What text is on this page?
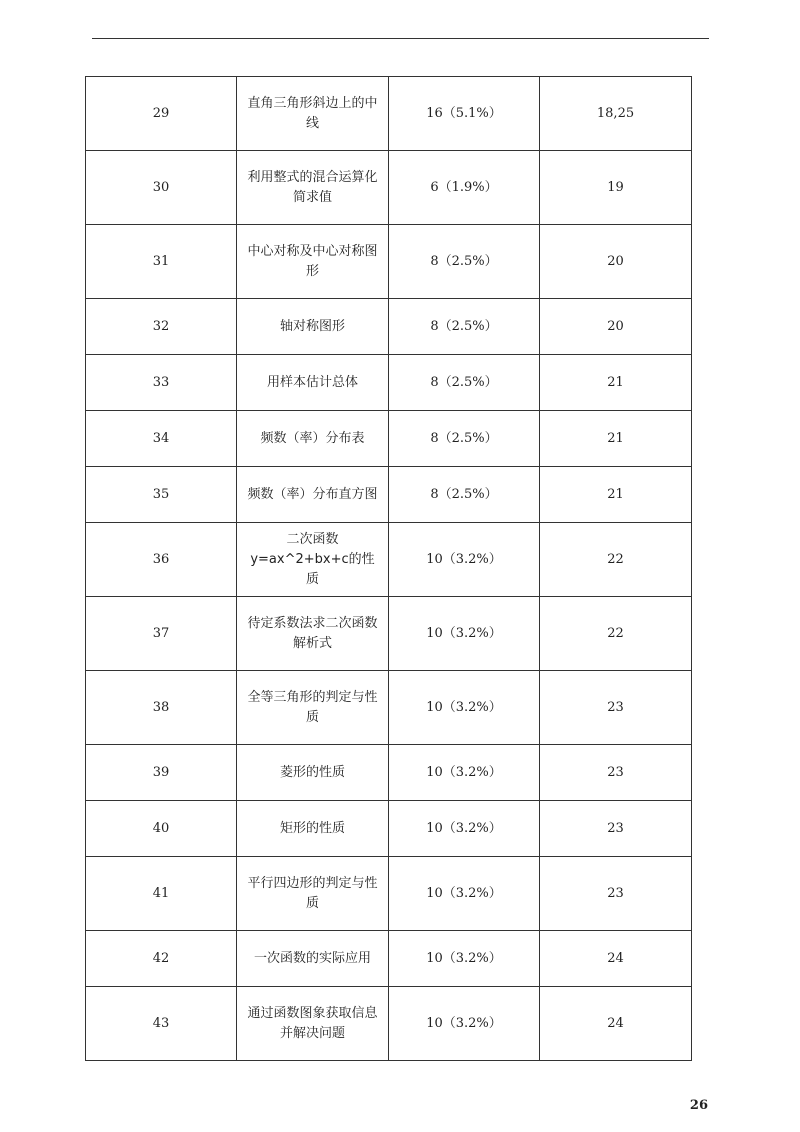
29	直角三角形斜边上的中线	16（5.1%）	18,25
30	利用整式的混合运算化简求值	6（1.9%）	19
31	中心对称及中心对称图形	8（2.5%）	20
32	轴对称图形	8（2.5%）	20
33	用样本估计总体	8（2.5%）	21
34	频数（率）分布表	8（2.5%）	21
35	频数（率）分布直方图	8（2.5%）	21
36	二次函数y=ax^2+bx+c的性质	10（3.2%）	22
37	待定系数法求二次函数解析式	10（3.2%）	22
38	全等三角形的判定与性质	10（3.2%）	23
39	菱形的性质	10（3.2%）	23
40	矩形的性质	10（3.2%）	23
41	平行四边形的判定与性质	10（3.2%）	23
42	一次函数的实际应用	10（3.2%）	24
43	通过函数图象获取信息并解决问题	10（3.2%）	24
26
